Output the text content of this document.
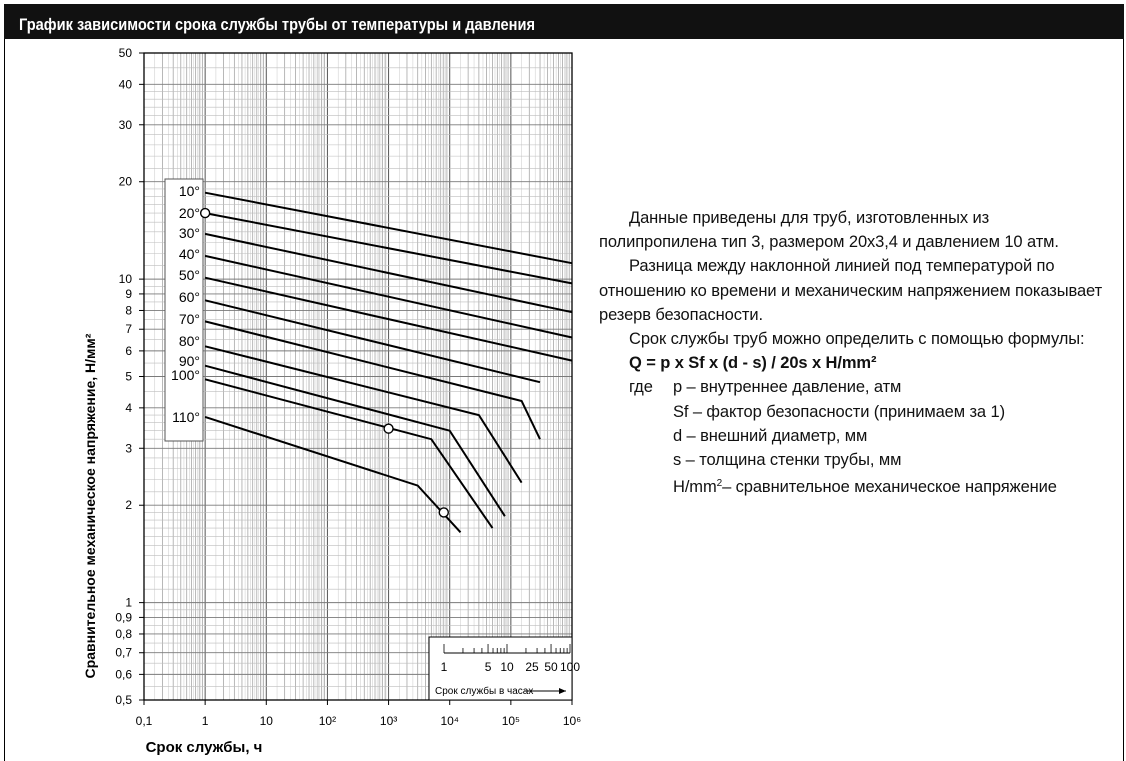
График зависимости срока службы трубы от температуры и давления
50
40
30
20
10
9
8
7
6
5
4
3
2
1
0,9
0,8
0,7
0,6
0,5
0,1	1	10	10²	10³	10⁴	10⁵	10⁶
Срок службы, ч
Сравнительное механическое напряжение, Н/мм²
10°
20°
30°
40°
50°
60°
70°
80°
90°
100°
110°
Срок службы в часах
1	5 10 25 50 100

Данные приведены для труб, изготовленных из полипропилена тип 3, размером 20х3,4 и давлением 10 атм.

Разница между наклонной линией под температурой по отношению ко времени и механическим напряжением показывает резерв безопасности.

Срок службы труб можно определить с помощью формулы:

Q = p x Sf x (d - s) / 20s x H/mm²

где	p – внутреннее давление, атм

Sf – фактор безопасности (принимаем за 1)

d – внешний диаметр, мм

s – толщина стенки трубы, мм

$H/mm^2-$ сравнительное механическое напряжение
